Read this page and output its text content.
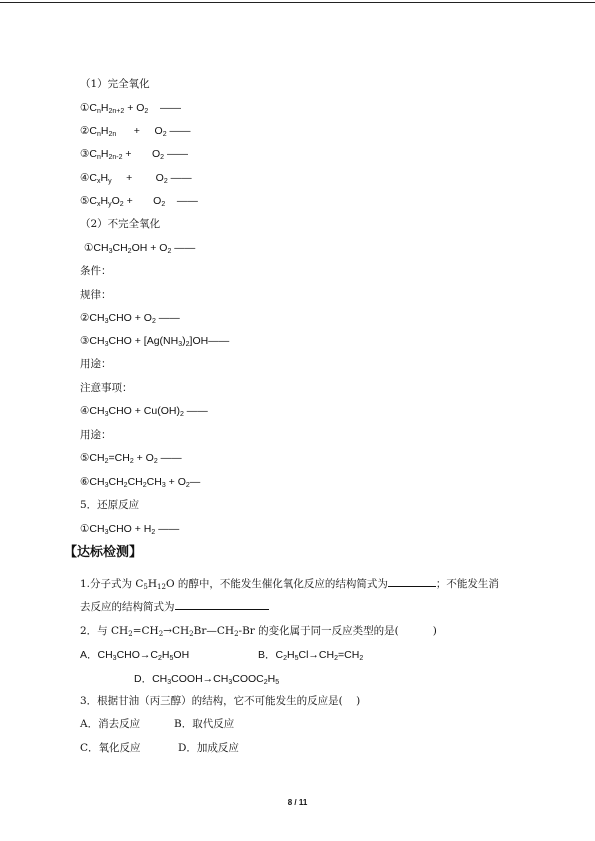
（1）完全氧化
$①C_nH_{2n+2} + O_2$    ——
$②C_nH_{2n}$      +     $O_2$ ——
$③C_nH_{2n-2}$ +       $O_2$ ——
$④C_xH_y$     +        $O_2$ ——
$⑤C_xH_yO_2$ +       $O_2$    ——
（2）不完全氧化
$①CH_3CH_2OH + O_2$ ——
条件：
规律：
$②CH_3CHO + O_2$ ——
$③CH_3CHO$ + $[Ag(NH_3)_2]OH——$
用途：
注意事项：
$④CH_3CHO + Cu(OH)_2$ ——
用途：
$⑤CH_2=CH_2 + O_2$ ——
$⑥CH_3CH_2CH_2CH_3$ + $O_2—$
5．还原反应
$①CH_3CHO + H_2$ ——
【达标检测】
1.分子式为 $C_5H_{12}O$ 的醇中，不能发生催化氧化反应的结构简式为	；不能发生消
去反应的结构简式为
2．与 $CH_2=CH_2\to CH_2Br—CH_2-Br$ 的变化属于同一反应类型的是(	)
A．$CH_3CHO\to C_2H_5OH$	B．$C_2H_5Cl\to CH_2=CH_2$
D．$CH_3COOH\to CH_3COOC_2H_5$
3．根据甘油（丙三醇）的结构，它不可能发生的反应是(    )
A．消去反应	B．取代反应
C．氧化反应	D．加成反应
8 / 11
